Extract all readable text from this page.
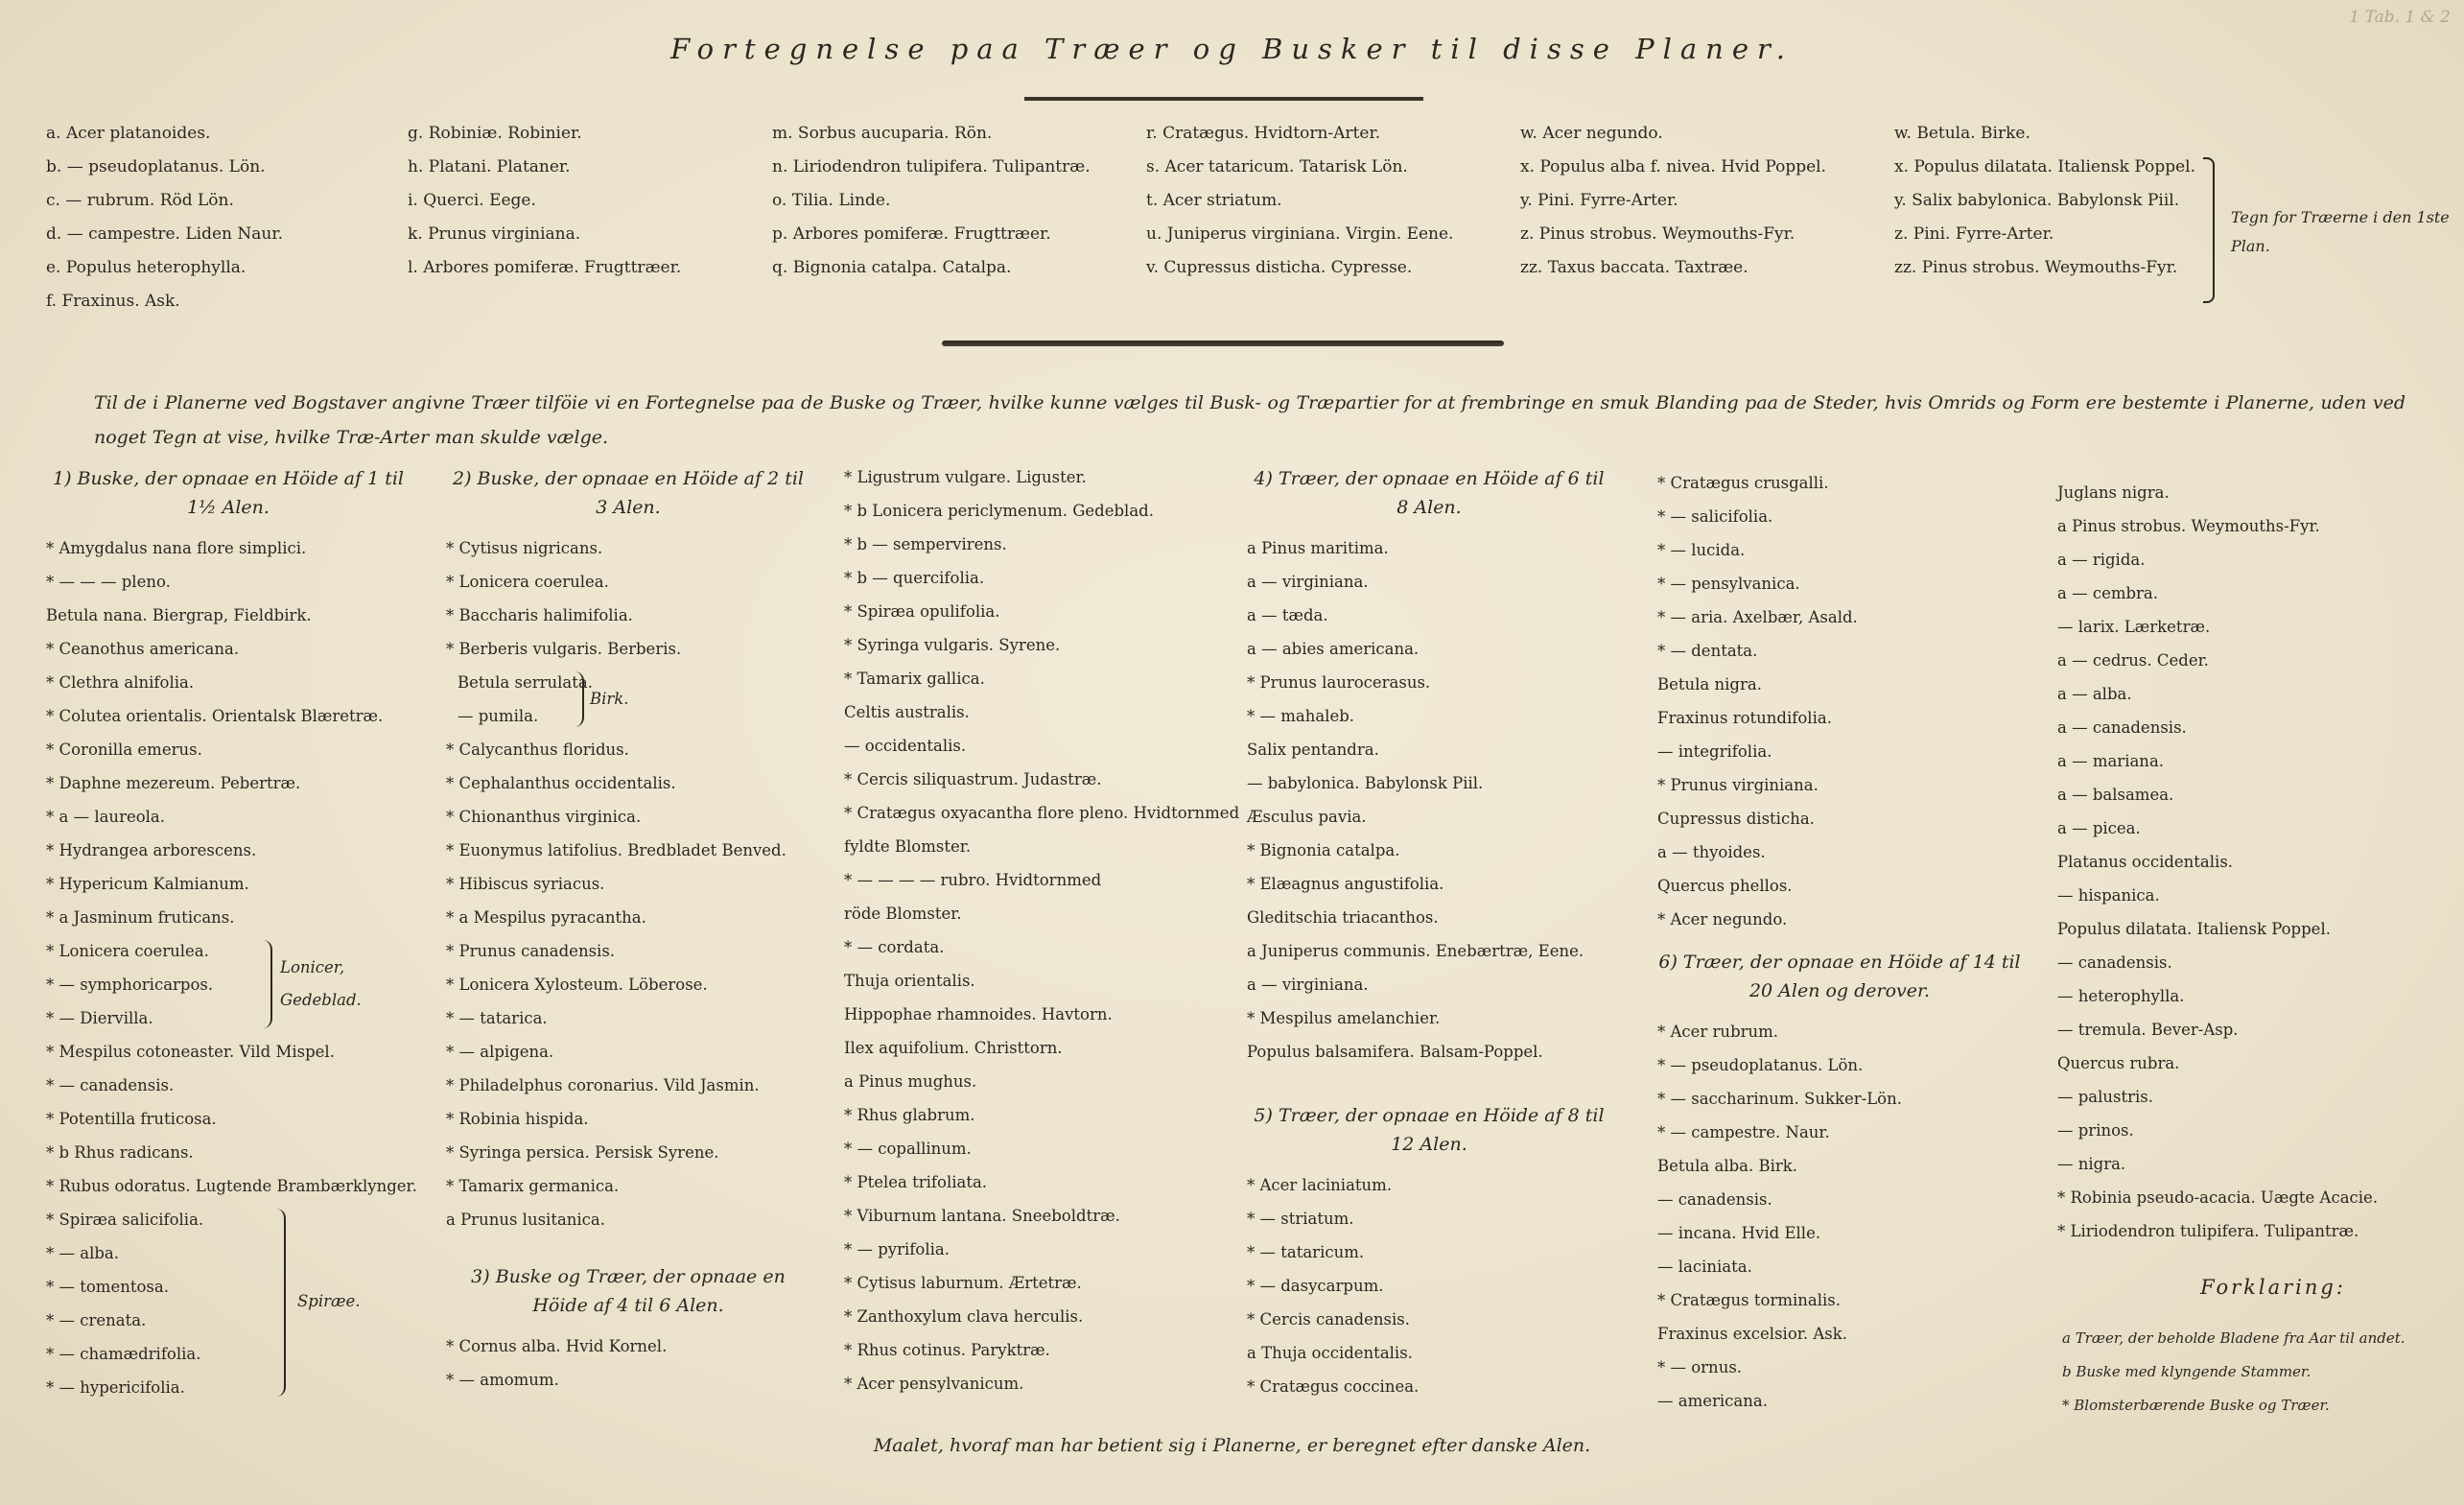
1 Tab. 1 & 2
Fortegnelse paa Træer og Busker til disse Planer.
a. Acer platanoides.
b. — pseudoplatanus. Lön.
c. — rubrum. Röd Lön.
d. — campestre. Liden Naur.
e. Populus heterophylla.
f. Fraxinus. Ask.
g. Robiniæ. Robinier.
h. Platani. Plataner.
i. Querci. Eege.
k. Prunus virginiana.
l. Arbores pomiferæ. Frugttræer.
m. Sorbus aucuparia. Rön.
n. Liriodendron tulipifera. Tulipantræ.
o. Tilia. Linde.
p. Arbores pomiferæ. Frugttræer.
q. Bignonia catalpa. Catalpa.
r. Cratægus. Hvidtorn-Arter.
s. Acer tataricum. Tatarisk Lön.
t. Acer striatum.
u. Juniperus virginiana. Virgin. Eene.
v. Cupressus disticha. Cypresse.
w. Acer negundo.
x. Populus alba f. nivea. Hvid Poppel.
y. Pini. Fyrre-Arter.
z. Pinus strobus. Weymouths-Fyr.
zz. Taxus baccata. Taxtræe.
w. Betula. Birke.
x. Populus dilatata. Italiensk Poppel.
y. Salix babylonica. Babylonsk Piil.
z. Pini. Fyrre-Arter.
zz. Pinus strobus. Weymouths-Fyr.
Tegn for Træerne i den 1ste Plan.
Til de i Planerne ved Bogstaver angivne Træer tilföie vi en Fortegnelse paa de Buske og Træer, hvilke kunne vælges til Busk- og Træpartier for at frembringe en smuk Blanding paa de Steder, hvis Omrids og Form ere bestemte i Planerne, uden ved noget Tegn at vise, hvilke Træ-Arter man skulde vælge.
1) Buske, der opnaae en Höide af 1 til 1½ Alen.
* Amygdalus nana flore simplici.
* — — — pleno.
Betula nana. Biergrap, Fieldbirk.
* Ceanothus americana.
* Clethra alnifolia.
* Colutea orientalis. Orientalsk Blæretræ.
* Coronilla emerus.
* Daphne mezereum. Pebertræ.
* a — laureola.
* Hydrangea arborescens.
* Hypericum Kalmianum.
* a Jasminum fruticans.
* Lonicera coerulea.
* — symphoricarpos.
* — Diervilla.
Lonicer, Gedeblad.
* Mespilus cotoneaster. Vild Mispel.
* — canadensis.
* Potentilla fruticosa.
* b Rhus radicans.
* Rubus odoratus. Lugtende Brambærklynger.
* Spiræa salicifolia.
* — alba.
* — tomentosa.
* — crenata.
* — chamædrifolia.
* — hypericifolia.
Spiræe.
2) Buske, der opnaae en Höide af 2 til 3 Alen.
* Cytisus nigricans.
* Lonicera coerulea.
* Baccharis halimifolia.
* Berberis vulgaris. Berberis.
Betula serrulata.
— pumila.
Birk.
* Calycanthus floridus.
* Cephalanthus occidentalis.
* Chionanthus virginica.
* Euonymus latifolius. Bredbladet Benved.
* Hibiscus syriacus.
* a Mespilus pyracantha.
* Prunus canadensis.
* Lonicera Xylosteum. Löberose.
* — tatarica.
* — alpigena.
* Philadelphus coronarius. Vild Jasmin.
* Robinia hispida.
* Syringa persica. Persisk Syrene.
* Tamarix germanica.
a Prunus lusitanica.
3) Buske og Træer, der opnaae en Höide af 4 til 6 Alen.
* Cornus alba. Hvid Kornel.
* — amomum.
* Ligustrum vulgare. Liguster.
* b Lonicera periclymenum. Gedeblad.
* b — sempervirens.
* b — quercifolia.
* Spiræa opulifolia.
* Syringa vulgaris. Syrene.
* Tamarix gallica.
Celtis australis.
— occidentalis.
* Cercis siliquastrum. Judastræ.
* Cratægus oxyacantha flore pleno. Hvidtornmed
fyldte Blomster.
* — — — — rubro. Hvidtornmed
röde Blomster.
* — cordata.
Thuja orientalis.
Hippophae rhamnoides. Havtorn.
Ilex aquifolium. Christtorn.
a Pinus mughus.
* Rhus glabrum.
* — copallinum.
* Ptelea trifoliata.
* Viburnum lantana. Sneeboldtræ.
* — pyrifolia.
* Cytisus laburnum. Ærtetræ.
* Zanthoxylum clava herculis.
* Rhus cotinus. Paryktræ.
* Acer pensylvanicum.
4) Træer, der opnaae en Höide af 6 til 8 Alen.
a Pinus maritima.
a — virginiana.
a — tæda.
a — abies americana.
* Prunus laurocerasus.
* — mahaleb.
Salix pentandra.
— babylonica. Babylonsk Piil.
Æsculus pavia.
* Bignonia catalpa.
* Elæagnus angustifolia.
Gleditschia triacanthos.
a Juniperus communis. Enebærtræ, Eene.
a — virginiana.
* Mespilus amelanchier.
Populus balsamifera. Balsam-Poppel.
5) Træer, der opnaae en Höide af 8 til 12 Alen.
* Acer laciniatum.
* — striatum.
* — tataricum.
* — dasycarpum.
* Cercis canadensis.
a Thuja occidentalis.
* Cratægus coccinea.
* Cratægus crusgalli.
* — salicifolia.
* — lucida.
* — pensylvanica.
* — aria. Axelbær, Asald.
* — dentata.
Betula nigra.
Fraxinus rotundifolia.
— integrifolia.
* Prunus virginiana.
Cupressus disticha.
a — thyoides.
Quercus phellos.
* Acer negundo.
6) Træer, der opnaae en Höide af 14 til 20 Alen og derover.
* Acer rubrum.
* — pseudoplatanus. Lön.
* — saccharinum. Sukker-Lön.
* — campestre. Naur.
Betula alba. Birk.
— canadensis.
— incana. Hvid Elle.
— laciniata.
* Cratægus torminalis.
Fraxinus excelsior. Ask.
* — ornus.
— americana.
Juglans nigra.
a Pinus strobus. Weymouths-Fyr.
a — rigida.
a — cembra.
— larix. Lærketræ.
a — cedrus. Ceder.
a — alba.
a — canadensis.
a — mariana.
a — balsamea.
a — picea.
Platanus occidentalis.
— hispanica.
Populus dilatata. Italiensk Poppel.
— canadensis.
— heterophylla.
— tremula. Bever-Asp.
Quercus rubra.
— palustris.
— prinos.
— nigra.
* Robinia pseudo-acacia. Uægte Acacie.
* Liriodendron tulipifera. Tulipantræ.
Forklaring:
a Træer, der beholde Bladene fra Aar til andet.
b Buske med klyngende Stammer.
* Blomsterbærende Buske og Træer.
Maalet, hvoraf man har betient sig i Planerne, er beregnet efter danske Alen.
